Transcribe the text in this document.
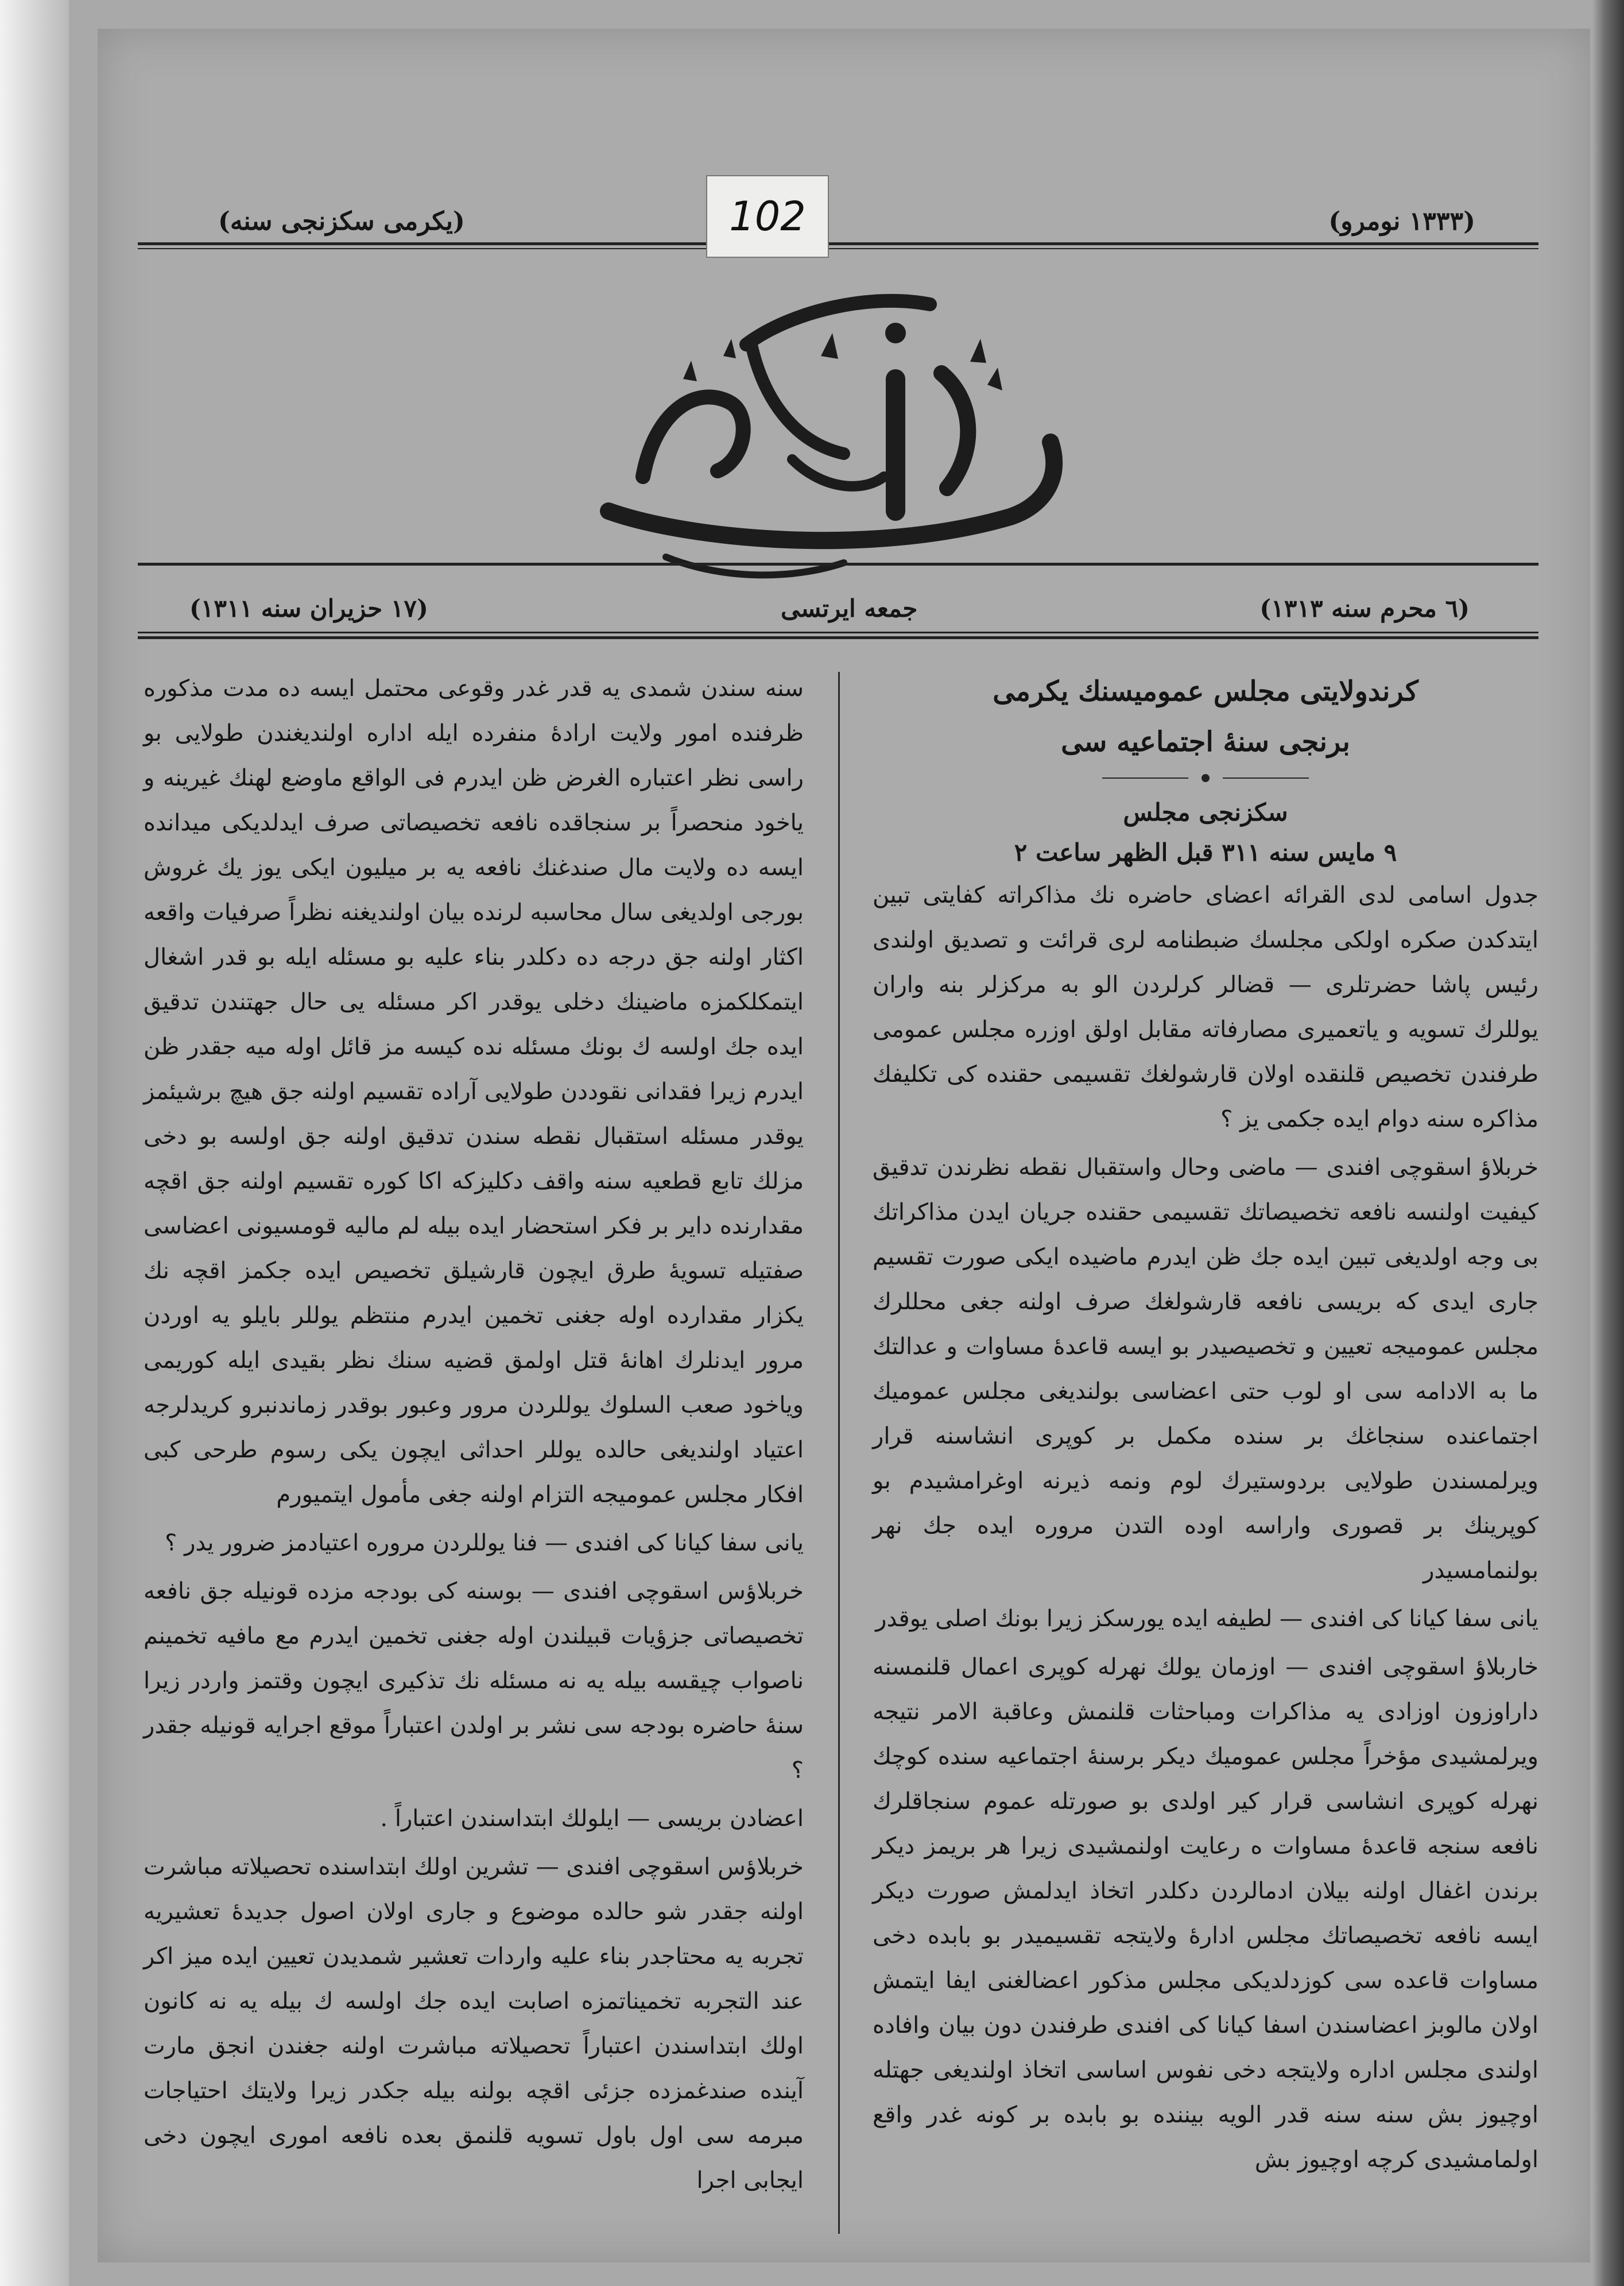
(١٣٣٣ نومرو)
(يكرمى سكزنجى سنه)	102
(٦ محرم سنه ١٣١٣)
جمعه ايرتسى
(١٧ حزيران سنه ١٣١١)
كرندولايتى مجلس عموميسنك يكرمى
برنجى سنهٔ اجتماعيه سى
سكزنجى مجلس
٩ مايس سنه ٣١١ قبل الظهر ساعت ٢

جدول اسامى لدى القرائه اعضاى حاضره نك مذاكراته كفايتى تبين ايتدكدن صكره اولكى مجلسك ضبطنامه لرى قرائت و تصديق اولندى رئيس پاشا حضرتلرى — قضالر كرلردن الو به مركزلر بنه واران يوللرك تسويه و ياتعميرى مصارفاته مقابل اولق اوزره مجلس عمومى طرفندن تخصيص قلنقده اولان قارشولغك تقسيمى حقنده كى تكليفك مذاكره سنه دوام ايده جكمى يز ؟

خربلاؤ اسقوچى افندى — ماضى وحال واستقبال نقطه نظرندن تدقيق كيفيت اولنسه نافعه تخصيصاتك تقسيمى حقنده جريان ايدن مذاكراتك بى وجه اولديغى تبين ايده جك ظن ايدرم ماضيده ايكى صورت تقسيم جارى ايدى كه بريسى نافعه قارشولغك صرف اولنه جغى محللرك مجلس عموميجه تعيين و تخصيصيدر بو ايسه قاعدهٔ مساوات و عدالتك ما به الادامه سى او لوب حتى اعضاسى بولنديغى مجلس عموميك اجتماعنده سنجاغك بر سنده مكمل بر كوپرى انشاسنه قرار ويرلمسندن طولايى بردوستيرك لوم ونمه ذيرنه اوغرامشيدم بو كوپرينك بر قصورى واراسه اوده التدن مروره ايده جك نهر بولنمامسيدر

يانى سفا كيانا كى افندى — لطيفه ايده يورسكز زيرا بونك اصلى يوقدر

خاربلاؤ اسقوچى افندى — اوزمان يولك نهرله كوپرى اعمال قلنمسنه داراوزون اوزادى يه مذاكرات ومباحثات قلنمش وعاقبة الامر نتيجه ويرلمشيدى مؤخراً مجلس عموميك ديكر برسنهٔ اجتماعيه سنده كوچك نهرله كوپرى انشاسى قرار كير اولدى بو صورتله عموم سنجاقلرك نافعه سنجه قاعدهٔ مساوات ه رعايت اولنمشيدى زيرا هر بريمز ديكر برندن اغفال اولنه بيلان ادمالردن دكلدر اتخاذ ايدلمش صورت ديكر ايسه نافعه تخصيصاتك مجلس ادارهٔ ولايتجه تقسيميدر بو بابده دخى مساوات قاعده سى كوزدلديكى مجلس مذكور اعضالغنى ايفا ايتمش اولان مالوبز اعضاسندن اسفا كيانا كى افندى طرفندن دون بيان وافاده اولندى مجلس اداره ولايتجه دخى نفوس اساسى اتخاذ اولنديغى جهتله اوچيوز بش سنه سنه قدر الويه بيننده بو بابده بر كونه غدر واقع اولمامشيدى كرچه اوچيوز بش

سنه سندن شمدى يه قدر غدر وقوعى محتمل ايسه ده مدت مذكوره ظرفنده امور ولايت ارادهٔ منفرده ايله اداره اولنديغندن طولايى بو راسى نظر اعتباره الغرض ظن ايدرم فى الواقع ماوضع لهنك غيرينه و ياخود منحصراً بر سنجاقده نافعه تخصيصاتى صرف ايدلديكى ميدانده ايسه ده ولايت مال صندغنك نافعه يه بر ميليون ايكى يوز يك غروش بورجى اولديغى سال محاسبه لرنده بيان اولنديغنه نظراً صرفيات واقعه اكثار اولنه جق درجه ده دكلدر بناء عليه بو مسئله ايله بو قدر اشغال ايتمكلكمزه ماضينك دخلى يوقدر اكر مسئله يى حال جهتندن تدقيق ايده جك اولسه ك بونك مسئله نده كيسه مز قائل اوله ميه جقدر ظن ايدرم زيرا فقدانى نقوددن طولايى آراده تقسيم اولنه جق هيچ برشيئمز يوقدر مسئله استقبال نقطه سندن تدقيق اولنه جق اولسه بو دخى مزلك تابع قطعيه سنه واقف دكليزكه اكا كوره تقسيم اولنه جق اقچه مقدارنده داير بر فكر استحضار ايده بيله لم ماليه قومسيونى اعضاسى صفتيله تسويهٔ طرق ايچون قارشيلق تخصيص ايده جكمز اقچه نك يكزار مقدارده اوله جغنى تخمين ايدرم منتظم يوللر بايلو يه اوردن مرور ايدنلرك اهانهٔ قتل اولمق قضيه سنك نظر بقيدى ايله كوريمى وياخود صعب السلوك يوللردن مرور وعبور بوقدر زماندنبرو كريدلرجه اعتياد اولنديغى حالده يوللر احداثى ايچون يكى رسوم طرحى كبى افكار مجلس عموميجه التزام اولنه جغى مأمول ايتميورم

يانى سفا كيانا كى افندى — فنا يوللردن مروره اعتيادمز ضرور يدر ؟

خربلاؤس اسقوچى افندى — بوسنه كى بودجه مزده قونيله جق نافعه تخصيصاتى جزؤيات قبيلندن اوله جغنى تخمين ايدرم مع مافيه تخمينم ناصواب چيقسه بيله يه نه مسئله نك تذكيرى ايچون وقتمز واردر زيرا سنهٔ حاضره بودجه سى نشر بر اولدن اعتباراً موقع اجرايه قونيله جقدر ؟

اعضادن بريسى — ايلولك ابتداسندن اعتباراً .

خربلاؤس اسقوچى افندى — تشرين اولك ابتداسنده تحصيلاته مباشرت اولنه جقدر شو حالده موضوع و جارى اولان اصول جديدهٔ تعشيريه تجربه يه محتاجدر بناء عليه واردات تعشير شمديدن تعيين ايده ميز اكر عند التجربه تخميناتمزه اصابت ايده جك اولسه ك بيله يه نه كانون اولك ابتداسندن اعتباراً تحصيلاته مباشرت اولنه جغندن انجق مارت آينده صندغمزده جزئى اقچه بولنه بيله جكدر زيرا ولايتك احتياجات مبرمه سى اول باول تسويه قلنمق بعده نافعه امورى ايچون دخى ايجابى اجرا
